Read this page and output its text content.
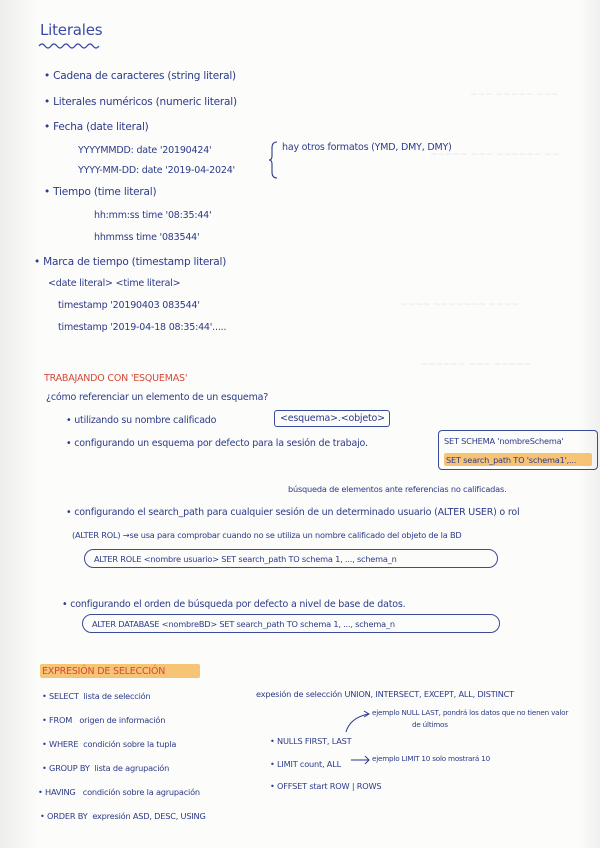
~~~ ~~~~~ ~~~
~~~~~ ~~~ ~~~~~~ ~~
~~~~ ~~~~~~~ ~~~~
~~~~~~ ~~~ ~~~~~
Literales
• Cadena de caracteres (string literal)
• Literales numéricos (numeric literal)
• Fecha (date literal)
YYYYMMDD: date '20190424'
YYYY-MM-DD: date '2019-04-2024'
hay otros formatos (YMD, DMY, DMY)
• Tiempo (time literal)
hh:mm:ss time '08:35:44'
hhmmss time '083544'
• Marca de tiempo (timestamp literal)
<date literal> <time literal>
timestamp '20190403 083544'
timestamp '2019-04-18 08:35:44'.....
TRABAJANDO CON 'ESQUEMAS'
¿cómo referenciar un elemento de un esquema?
• utilizando su nombre calificado	<esquema>.<objeto>
• configurando un esquema por defecto para la sesión de trabajo.	SET SCHEMA 'nombreSchema'
SET search_path TO 'schema1',...
búsqueda de elementos ante referencias no calificadas.
• configurando el search_path para cualquier sesión de un determinado usuario (ALTER USER) o rol
(ALTER ROL) →se usa para comprobar cuando no se utiliza un nombre calificado del objeto de la BD
ALTER ROLE <nombre usuario> SET search_path TO schema 1, ..., schema_n
• configurando el orden de búsqueda por defecto a nivel de base de datos.
ALTER DATABASE <nombreBD> SET search_path TO schema 1, ..., schema_n
EXPRESIÓN DE SELECCIÓN
• SELECT lista de selección
• FROM origen de información
• WHERE condición sobre la tupla
• GROUP BY lista de agrupación
• HAVING condición sobre la agrupación
• ORDER BY expresión ASD, DESC, USING
expesión de selección UNION, INTERSECT, EXCEPT, ALL, DISTINCT
ejemplo NULL LAST, pondrá los datos que no tienen valor
de últimos
• NULLS FIRST, LAST
• LIMIT count, ALL
ejemplo LIMIT 10 solo mostrará 10
• OFFSET start ROW | ROWS
